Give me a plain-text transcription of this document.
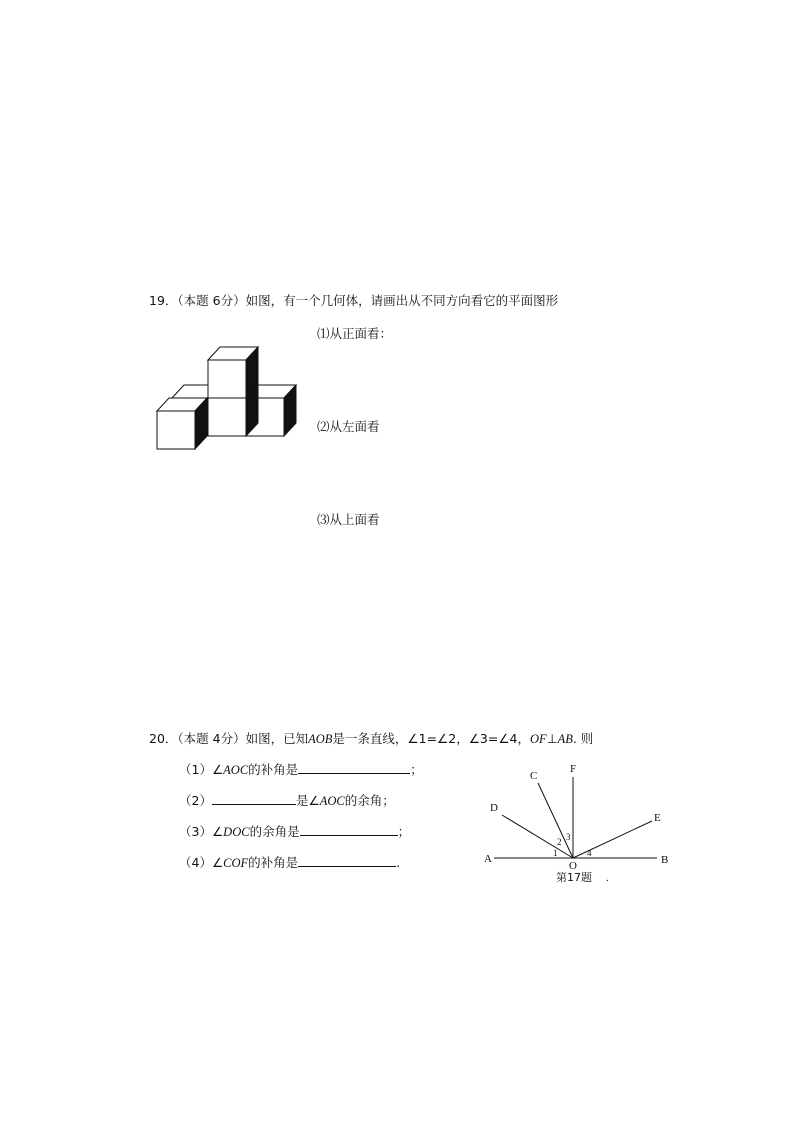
19．（本题 6分）如图，有一个几何体，请画出从不同方向看它的平面图形
⑴从正面看：
⑵从左面看
⑶从上面看
20．（本题 4分）如图，已知AOB是一条直线，∠1=∠2，∠3=∠4，OF⊥AB. 则
（1）∠AOC的补角是	；
（2）	是∠AOC的余角；
（3）∠DOC的余角是	；
（4）∠COF的补角是	.	A	B
C
D
E
F
O
1
2 3
4
第17题 .
